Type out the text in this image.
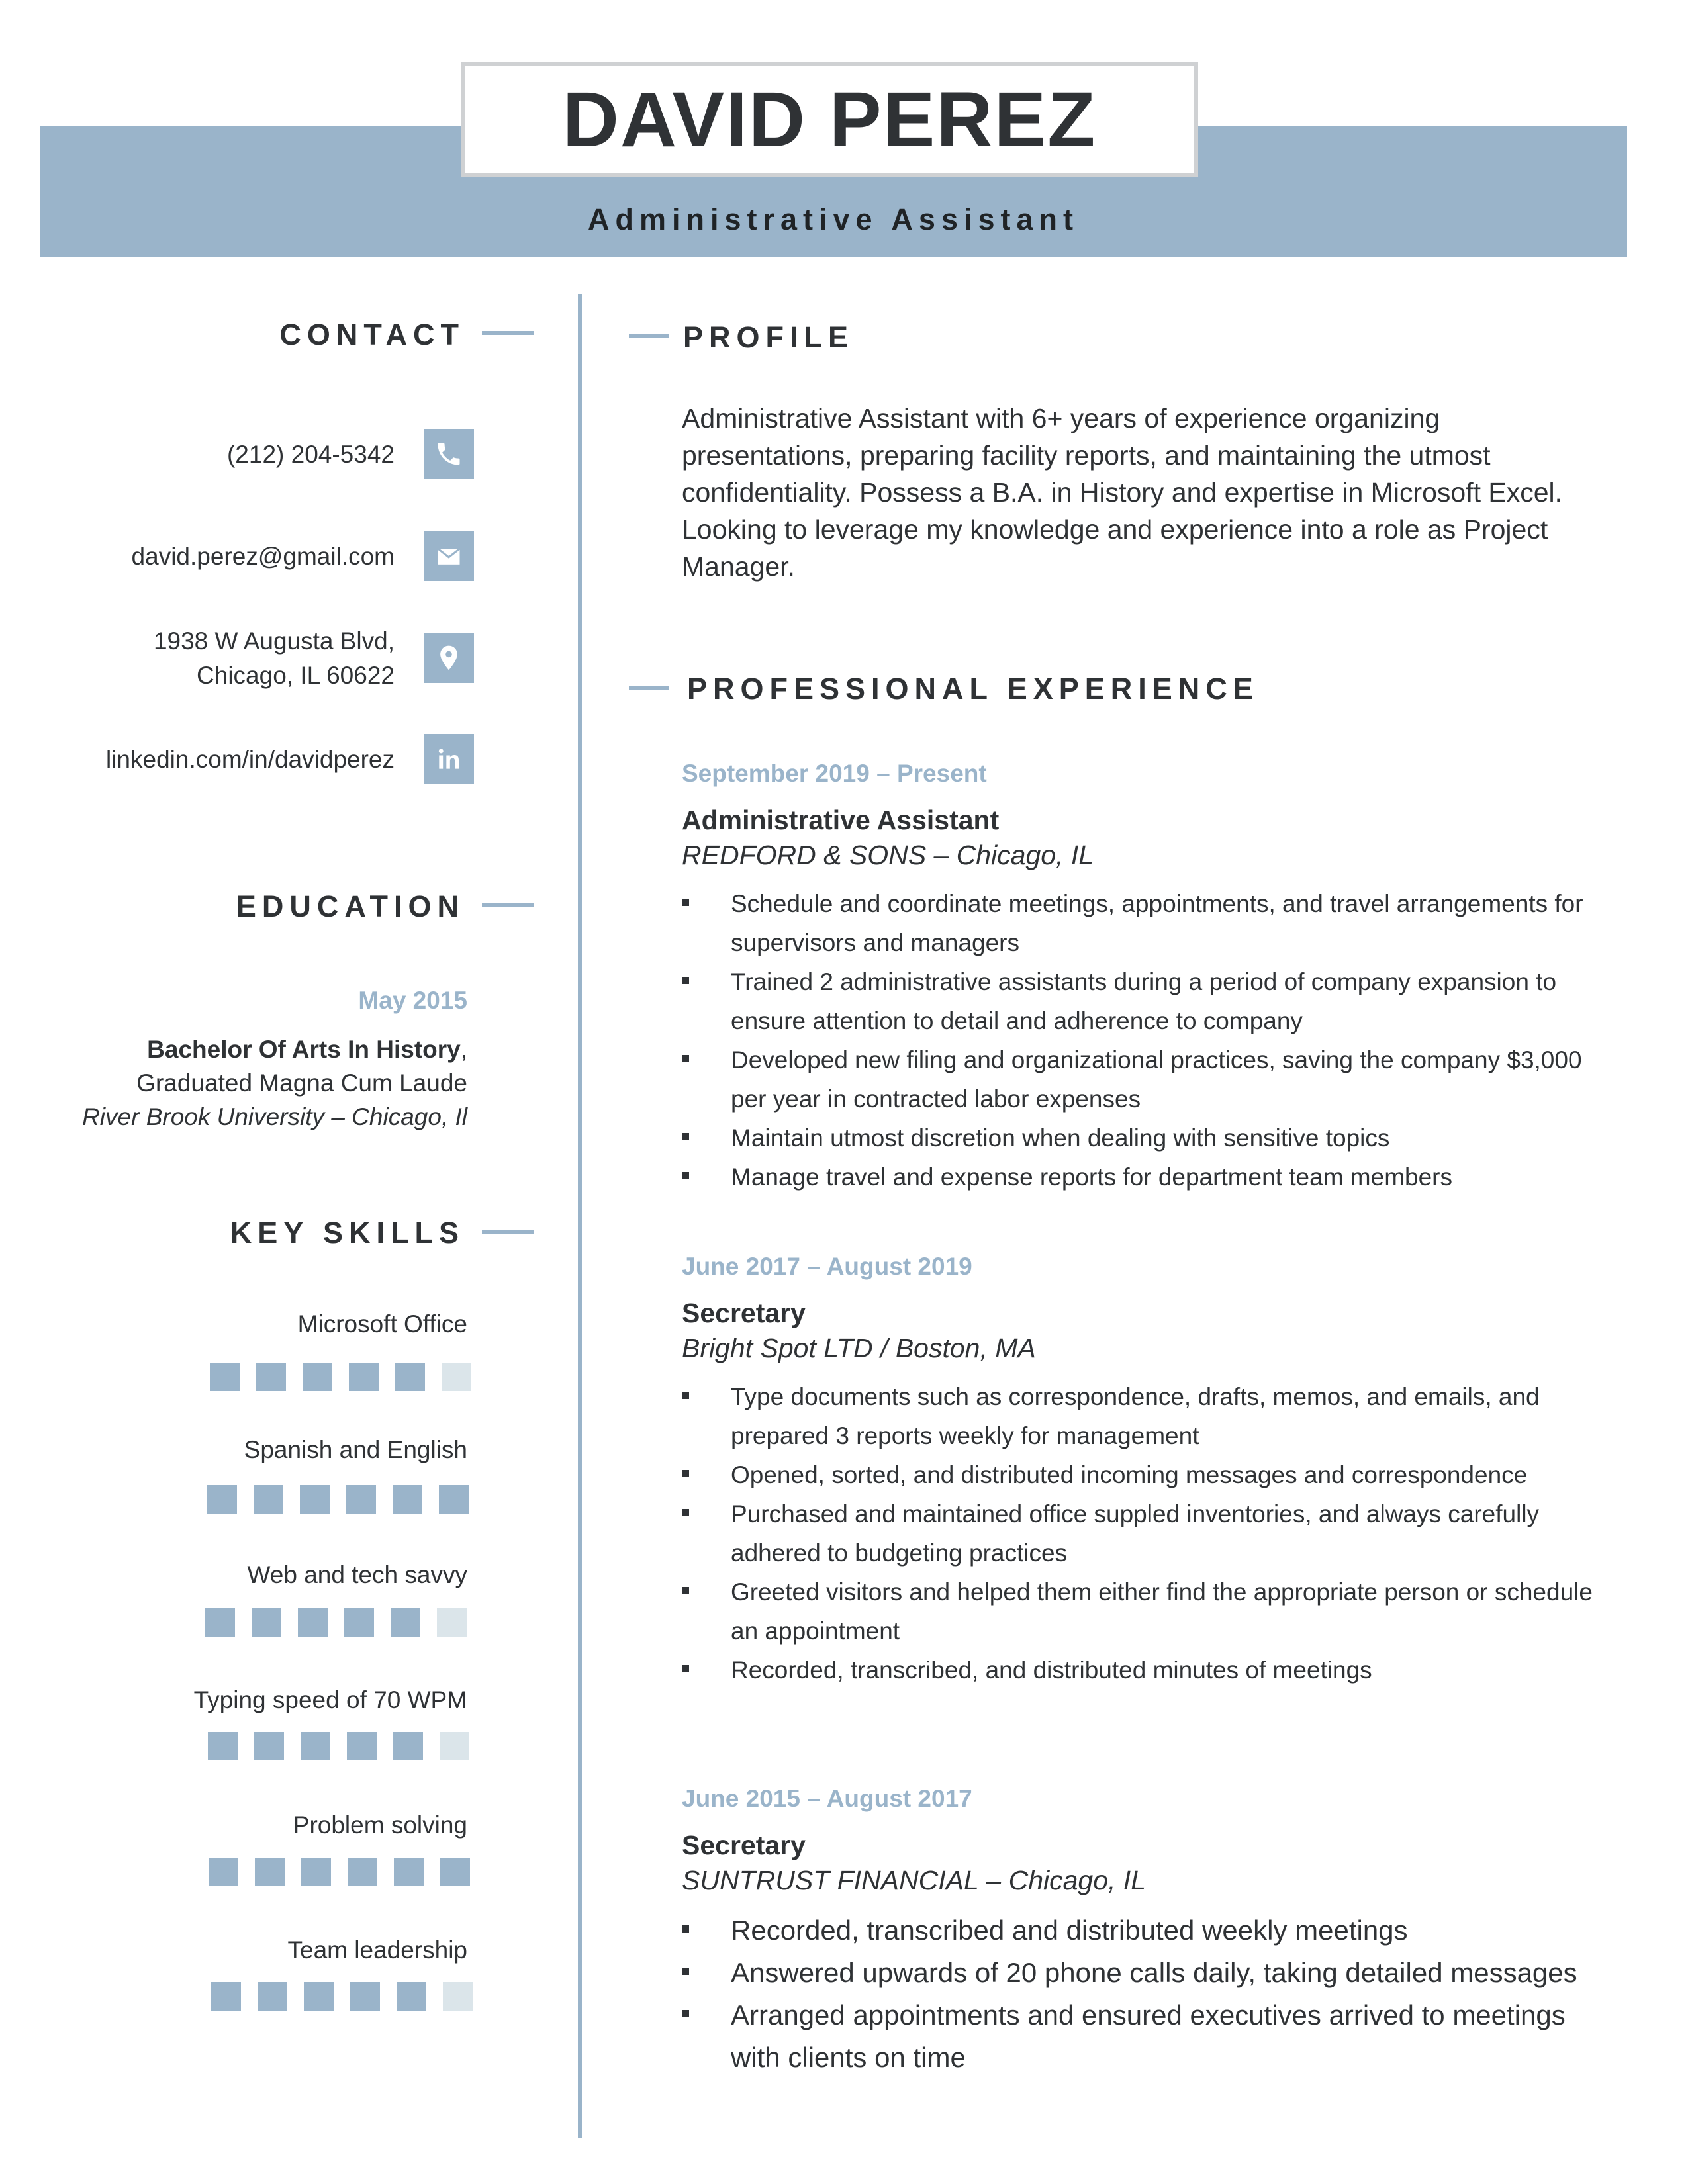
DAVID PEREZ
Administrative Assistant
CONTACT
(212) 204-5342
david.perez@gmail.com
1938 W Augusta Blvd,
Chicago, IL 60622
linkedin.com/in/davidperez
EDUCATION
May 2015
Bachelor Of Arts In History,
Graduated Magna Cum Laude
River Brook University – Chicago, Il
KEY SKILLS
Microsoft Office
Spanish and English
Web and tech savvy
Typing speed of 70 WPM
Problem solving
Team leadership
PROFILE
Administrative Assistant with 6+ years of experience organizing presentations, preparing facility reports, and maintaining the utmost confidentiality. Possess a B.A. in History and expertise in Microsoft Excel. Looking to leverage my knowledge and experience into a role as Project Manager.
PROFESSIONAL EXPERIENCE
September 2019 – Present
Administrative Assistant
REDFORD & SONS – Chicago, IL
Schedule and coordinate meetings, appointments, and travel arrangements for supervisors and managers
Trained 2 administrative assistants during a period of company expansion to ensure attention to detail and adherence to company
Developed new filing and organizational practices, saving the company $3,000 per year in contracted labor expenses
Maintain utmost discretion when dealing with sensitive topics
Manage travel and expense reports for department team members
June 2017 – August 2019
Secretary
Bright Spot LTD / Boston, MA
Type documents such as correspondence, drafts, memos, and emails, and prepared 3 reports weekly for management
Opened, sorted, and distributed incoming messages and correspondence
Purchased and maintained office suppled inventories, and always carefully adhered to budgeting practices
Greeted visitors and helped them either find the appropriate person or schedule an appointment
Recorded, transcribed, and distributed minutes of meetings
June 2015 – August 2017
Secretary
SUNTRUST FINANCIAL – Chicago, IL
Recorded, transcribed and distributed weekly meetings
Answered upwards of 20 phone calls daily, taking detailed messages
Arranged appointments and ensured executives arrived to meetings with clients on time
